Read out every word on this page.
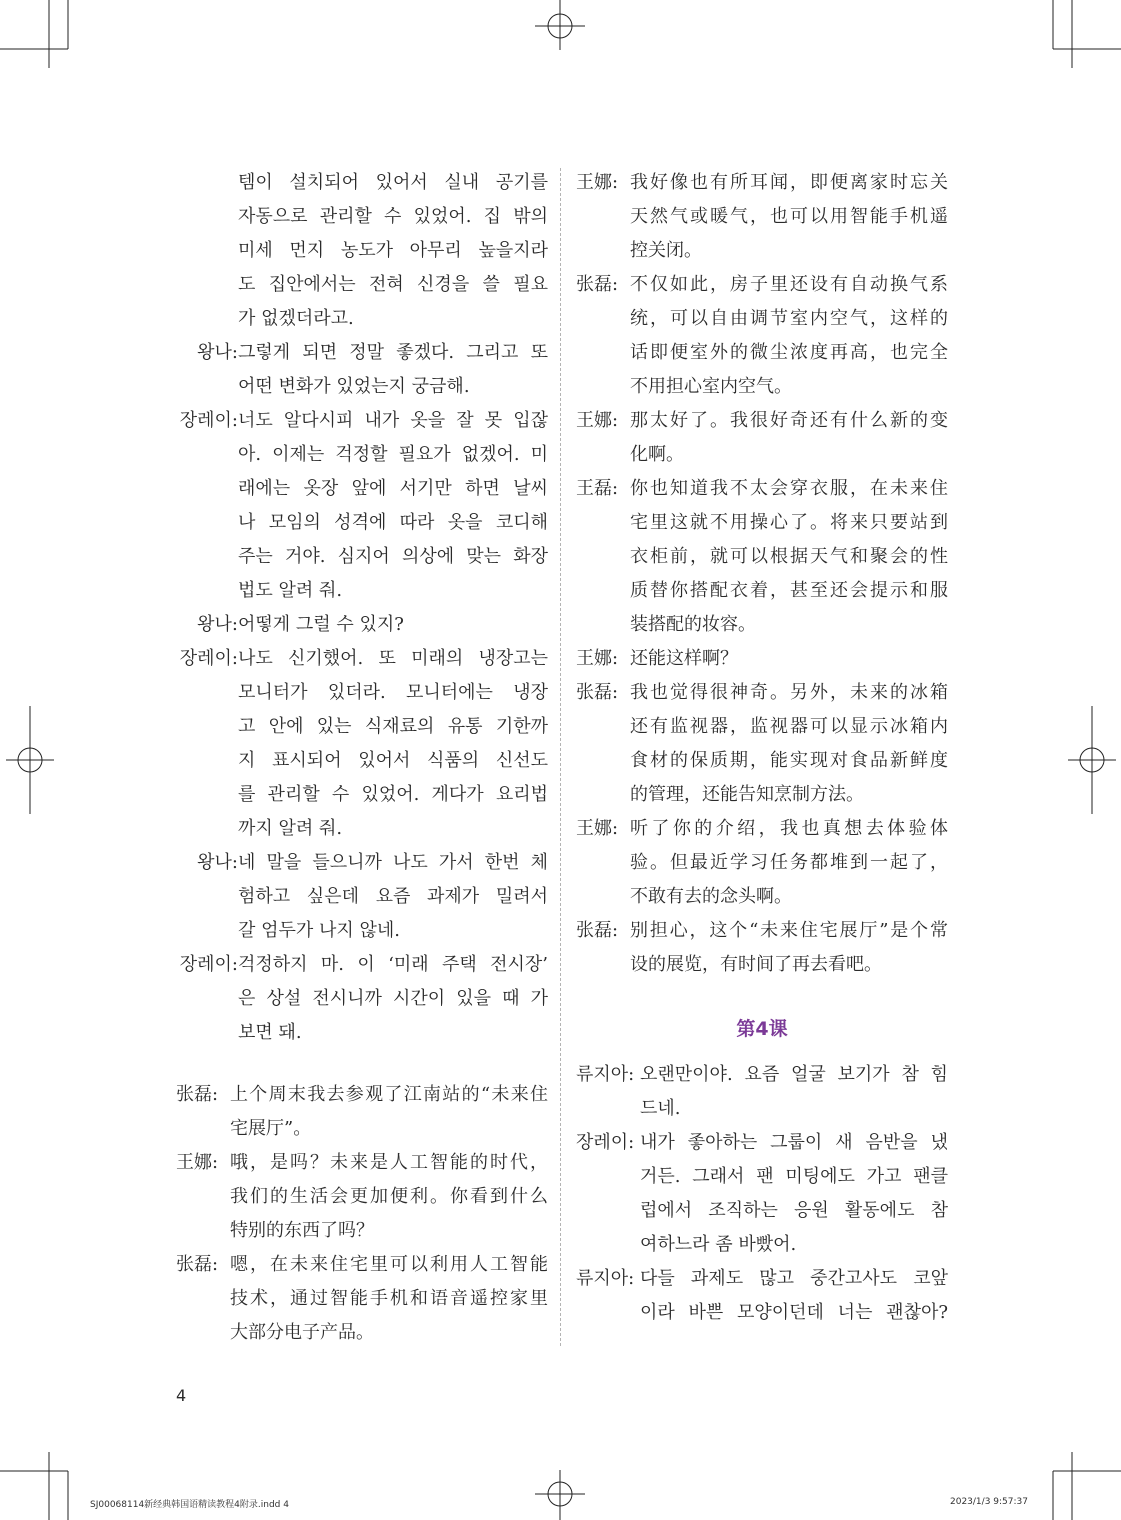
템이 설치되어 있어서 실내 공기를
자동으로 관리할 수 있었어. 집 밖의
미세 먼지 농도가 아무리 높을지라
도 집안에서는 전혀 신경을 쓸 필요
가 없겠더라고.
왕나: 그렇게 되면 정말 좋겠다. 그리고 또
어떤 변화가 있었는지 궁금해.
장레이: 너도 알다시피 내가 옷을 잘 못 입잖
아. 이제는 걱정할 필요가 없겠어. 미
래에는 옷장 앞에 서기만 하면 날씨
나 모임의 성격에 따라 옷을 코디해
주는 거야. 심지어 의상에 맞는 화장
법도 알려 줘.
왕나: 어떻게 그럴 수 있지?
장레이: 나도 신기했어. 또 미래의 냉장고는
모니터가 있더라. 모니터에는 냉장
고 안에 있는 식재료의 유통 기한까
지 표시되어 있어서 식품의 신선도
를 관리할 수 있었어. 게다가 요리법
까지 알려 줘.
왕나: 네 말을 들으니까 나도 가서 한번 체
험하고 싶은데 요즘 과제가 밀려서
갈 엄두가 나지 않네.
장레이: 걱정하지 마. 이 ‘미래 주택 전시장’
은 상설 전시니까 시간이 있을 때 가
보면 돼.
张磊: 上个周末我去参观了江南站的“未来住
宅展厅”。
王娜: 哦，是吗？未来是人工智能的时代，
我们的生活会更加便利。你看到什么
特别的东西了吗？
张磊: 嗯，在未来住宅里可以利用人工智能
技术，通过智能手机和语音遥控家里
大部分电子产品。
王娜: 我好像也有所耳闻，即便离家时忘关
天然气或暖气，也可以用智能手机遥
控关闭。
张磊: 不仅如此，房子里还设有自动换气系
统，可以自由调节室内空气，这样的
话即便室外的微尘浓度再高，也完全
不用担心室内空气。
王娜: 那太好了。我很好奇还有什么新的变
化啊。
王磊: 你也知道我不太会穿衣服，在未来住
宅里这就不用操心了。将来只要站到
衣柜前，就可以根据天气和聚会的性
质替你搭配衣着，甚至还会提示和服
装搭配的妆容。
王娜: 还能这样啊？
张磊: 我也觉得很神奇。另外，未来的冰箱
还有监视器，监视器可以显示冰箱内
食材的保质期，能实现对食品新鲜度
的管理，还能告知烹制方法。
王娜: 听了你的介绍，我也真想去体验体
验。但最近学习任务都堆到一起了，
不敢有去的念头啊。
张磊: 别担心，这个“未来住宅展厅”是个常
设的展览，有时间了再去看吧。
第4课
류지아: 오랜만이야. 요즘 얼굴 보기가 참 힘
드네.
장레이: 내가 좋아하는 그룹이 새 음반을 냈
거든. 그래서 팬 미팅에도 가고 팬클
럽에서 조직하는 응원 활동에도 참
여하느라 좀 바빴어.
류지아: 다들 과제도 많고 중간고사도 코앞
이라 바쁜 모양이던데 너는 괜찮아?
4
SJ00068114新经典韩国语精读教程4附录.indd 4	2023/1/3 9:57:37
